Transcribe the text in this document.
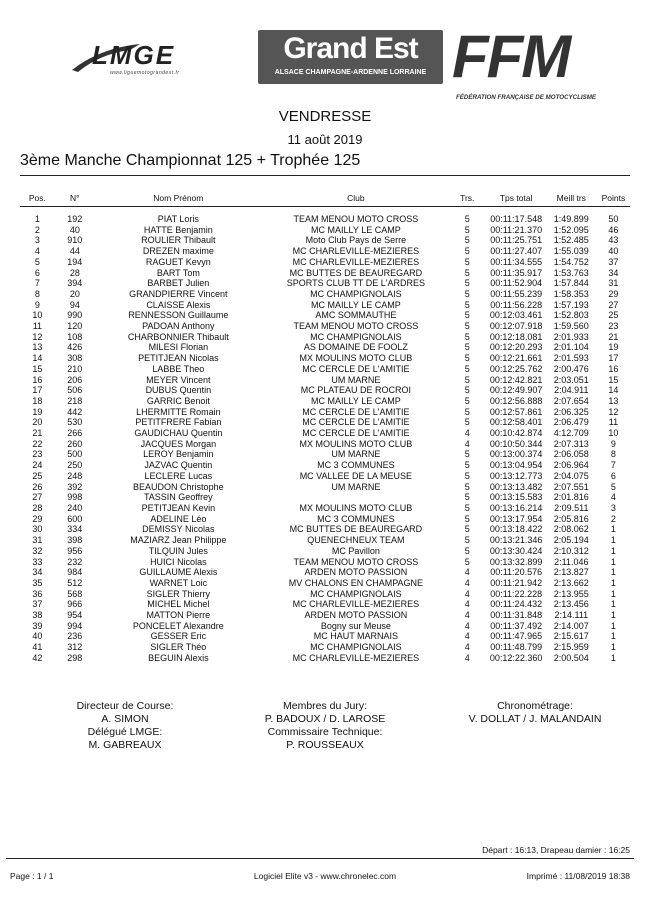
LMGE
www.liguemotograndest.fr
Grand Est
ALSACE CHAMPAGNE-ARDENNE LORRAINE FFM
FÉDÉRATION FRANÇAISE DE MOTOCYCLISME
VENDRESSE
11 août 2019
3ème Manche Championnat 125 + Trophée 125
Pos.	N°	Nom Prénom	Club	Trs.	Tps total	Meill trs	Points
1	192	PIAT Loris	TEAM MENOU MOTO CROSS	5	00:11:17.548	1:49.899	50
2	40	HATTE Benjamin	MC MAILLY LE CAMP	5	00:11:21.370	1:52.095	46
3	910	ROULIER Thibault	Moto Club Pays de Serre	5	00:11:25.751	1:52.485	43
4	44	DREZEN maxime	MC CHARLEVILLE-MEZIERES	5	00:11:27.407	1:55.039	40
5	194	RAGUET Kevyn	MC CHARLEVILLE-MEZIERES	5	00:11:34.555	1:54.752	37
6	28	BART Tom	MC BUTTES DE BEAUREGARD	5	00:11:35.917	1:53.763	34
7	394	BARBET Julien	SPORTS CLUB TT DE L'ARDRES	5	00:11:52.904	1:57.844	31
8	20	GRANDPIERRE Vincent	MC CHAMPIGNOLAIS	5	00:11:55.239	1:58.353	29
9	94	CLAISSE Alexis	MC MAILLY LE CAMP	5	00:11:56.228	1:57.193	27
10	990	RENNESSON Guillaume	AMC SOMMAUTHE	5	00:12:03.461	1:52.803	25
11	120	PADOAN Anthony	TEAM MENOU MOTO CROSS	5	00:12:07.918	1:59.560	23
12	108	CHARBONNIER Thibault	MC CHAMPIGNOLAIS	5	00:12:18.081	2:01.933	21
13	426	MILESI Florian	AS DOMAINE DE FOOLZ	5	00:12:20.293	2:01.104	19
14	308	PETITJEAN Nicolas	MX MOULINS MOTO CLUB	5	00:12:21.661	2:01.593	17
15	210	LABBE Theo	MC CERCLE DE L'AMITIE	5	00:12:25.762	2:00.476	16
16	206	MEYER Vincent	UM MARNE	5	00:12:42.821	2:03.051	15
17	506	DUBUS Quentin	MC PLATEAU DE ROCROI	5	00:12:49.907	2:04.911	14
18	218	GARRIC Benoit	MC MAILLY LE CAMP	5	00:12:56.888	2:07.654	13
19	442	LHERMITTE Romain	MC CERCLE DE L'AMITIE	5	00:12:57.861	2:06.325	12
20	530	PETITFRERE Fabian	MC CERCLE DE L'AMITIE	5	00:12:58.401	2:06.479	11
21	266	GAUDICHAU Quentin	MC CERCLE DE L'AMITIE	4	00:10:42.874	4:12.709	10
22	260	JACQUES Morgan	MX MOULINS MOTO CLUB	4	00:10:50.344	2:07.313	9
23	500	LEROY Benjamin	UM MARNE	5	00:13:00.374	2:06.058	8
24	250	JAZVAC Quentin	MC 3 COMMUNES	5	00:13:04.954	2:06.964	7
25	248	LECLERE Lucas	MC VALLEE DE LA MEUSE	5	00:13:12.773	2:04.075	6
26	392	BEAUDON Christophe	UM MARNE	5	00:13:13.482	2:07.551	5
27	998	TASSIN Geoffrey		5	00:13:15.583	2:01.816	4
28	240	PETITJEAN Kevin	MX MOULINS MOTO CLUB	5	00:13:16.214	2:09.511	3
29	600	ADELINE Léo	MC 3 COMMUNES	5	00:13:17.954	2:05.816	2
30	334	DEMISSY Nicolas	MC BUTTES DE BEAUREGARD	5	00:13:18.422	2:08.062	1
31	398	MAZIARZ Jean Philippe	QUENECHNEUX TEAM	5	00:13:21.346	2:05.194	1
32	956	TILQUIN Jules	MC Pavillon	5	00:13:30.424	2:10.312	1
33	232	HUICI Nicolas	TEAM MENOU MOTO CROSS	5	00:13:32.899	2:11.046	1
34	984	GUILLAUME Alexis	ARDEN MOTO PASSION	4	00:11:20.576	2:13.827	1
35	512	WARNET Loic	MV CHALONS EN CHAMPAGNE	4	00:11:21.942	2:13.662	1
36	568	SIGLER Thierry	MC CHAMPIGNOLAIS	4	00:11:22.228	2:13.955	1
37	966	MICHEL Michel	MC CHARLEVILLE-MEZIERES	4	00:11:24.432	2:13.456	1
38	954	MATTON Pierre	ARDEN MOTO PASSION	4	00:11:31.848	2:14.111	1
39	994	PONCELET Alexandre	Bogny sur Meuse	4	00:11:37.492	2:14.007	1
40	236	GESSER Eric	MC HAUT MARNAIS	4	00:11:47.965	2:15.617	1
41	312	SIGLER Théo	MC CHAMPIGNOLAIS	4	00:11:48.799	2:15.959	1
42	298	BEGUIN Alexis	MC CHARLEVILLE-MEZIERES	4	00:12:22.360	2:00.504	1
Directeur de Course:
A. SIMON
Délégué LMGE:
M. GABREAUX
Membres du Jury:
P. BADOUX / D. LAROSE
Commissaire Technique:
P. ROUSSEAUX
Chronométrage:
V. DOLLAT / J. MALANDAIN
Départ : 16:13, Drapeau damier : 16:25
Page : 1 / 1	Logiciel Elite v3 - www.chronelec.com	Imprimé : 11/08/2019 18:38
